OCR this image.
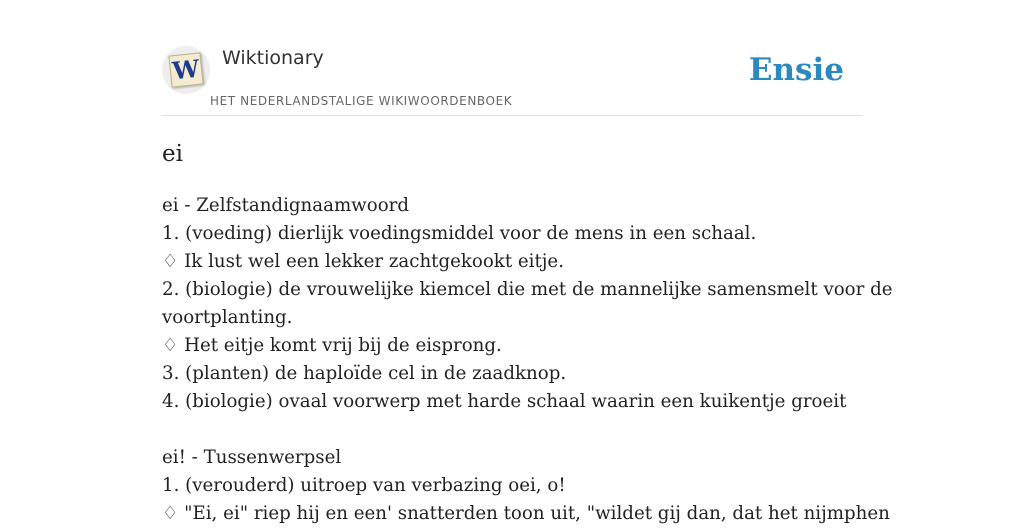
W Wiktionary
HET NEDERLANDSTALIGE WIKIWOORDENBOEK
Ensie
ei
ei - Zelfstandignaamwoord
1. (voeding) dierlijk voedingsmiddel voor de mens in een schaal.
♢ Ik lust wel een lekker zachtgekookt eitje.
2. (biologie) de vrouwelijke kiemcel die met de mannelijke samensmelt voor de
voortplanting.
♢ Het eitje komt vrij bij de eisprong.
3. (planten) de haploïde cel in de zaadknop.
4. (biologie) ovaal voorwerp met harde schaal waarin een kuikentje groeit
ei! - Tussenwerpsel
1. (verouderd) uitroep van verbazing oei, o!
♢ "Ei, ei" riep hij en een' snatterden toon uit, "wildet gij dan, dat het nijmphen
